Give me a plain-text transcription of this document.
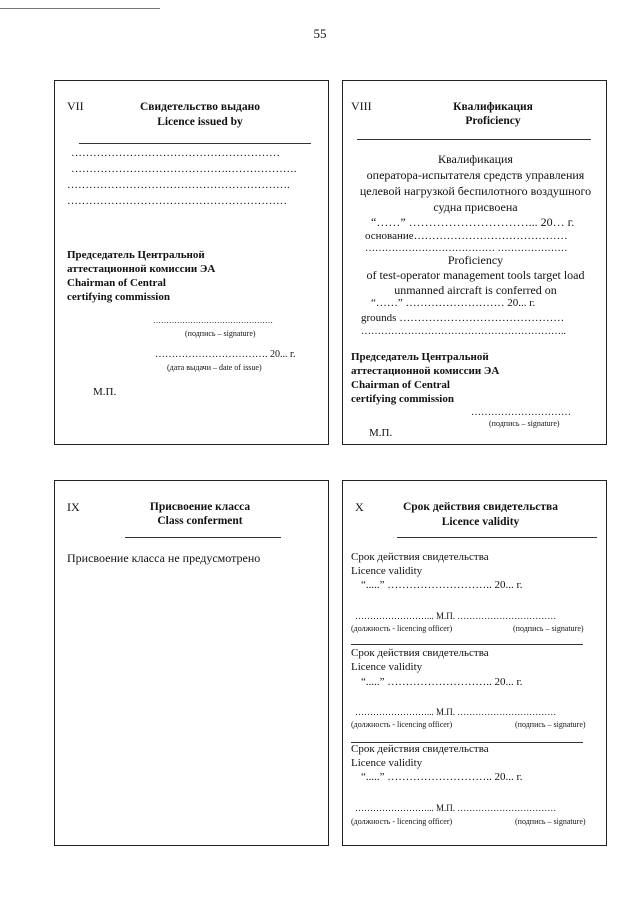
55
VII	Свидетельство выдано
Licence issued by
…………………………………………………
…………………………………….……………….
…………………………………………………….
……………………………………………………
Председатель Центральной
аттестационной комиссии ЭА
Chairman of Central
certifying commission
………………………………………
(подпись – signature)
……………………………. 20... г.
(дата выдачи – date of issue)
М.П.
VIII	Квалификация
Proficiency
Квалификация
оператора-испытателя средств управления
целевой нагрузкой беспилотного воздушного
судна присвоена
“……” …………………………... 20… г.
основание……………………………………
………………………………… …………………
Proficiency
of test-operator management tools target load
unmanned aircraft is conferred on
“……” ……………………… 20... г.
grounds ………………………………………
……………………………………………………..
Председатель Центральной
аттестационной комиссии ЭА
Chairman of Central
certifying commission
…………………………
(подпись – signature)
М.П.
IX	Присвоение класса
Class conferment
Присвоение класса не предусмотрено
X	Срок действия свидетельства
Licence validity
Срок действия свидетельства
Licence validity
“.....” ……………………….. 20... г.
……………………... М.П. ……………………………
(должность - licencing officer)	(подпись – signature)
Срок действия свидетельства
Licence validity
“.....” ……………………….. 20... г.
……………………... М.П. ……………………………
(должность - licencing officer)	(подпись – signature)
Срок действия свидетельства
Licence validity
“.....” ……………………….. 20... г.
……………………... М.П. ……………………………
(должность - licencing officer)	(подпись – signature)
